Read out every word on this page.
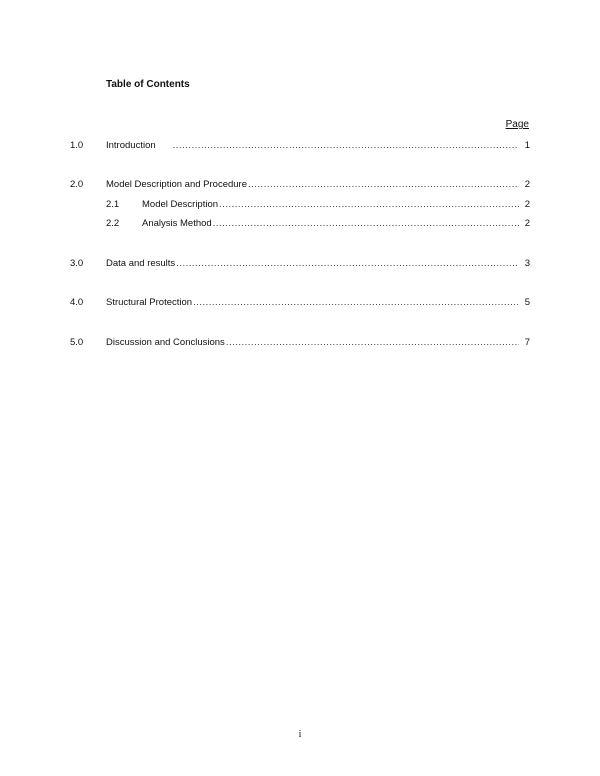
Table of Contents
Page
1.0	Introduction .....	1
2.0	Model Description and Procedure .....	2
2.1	Model Description .....	2
2.2	Analysis Method .....	2
3.0	Data and results .....	3
4.0	Structural Protection .....	5
5.0	Discussion and Conclusions .....	7
i
